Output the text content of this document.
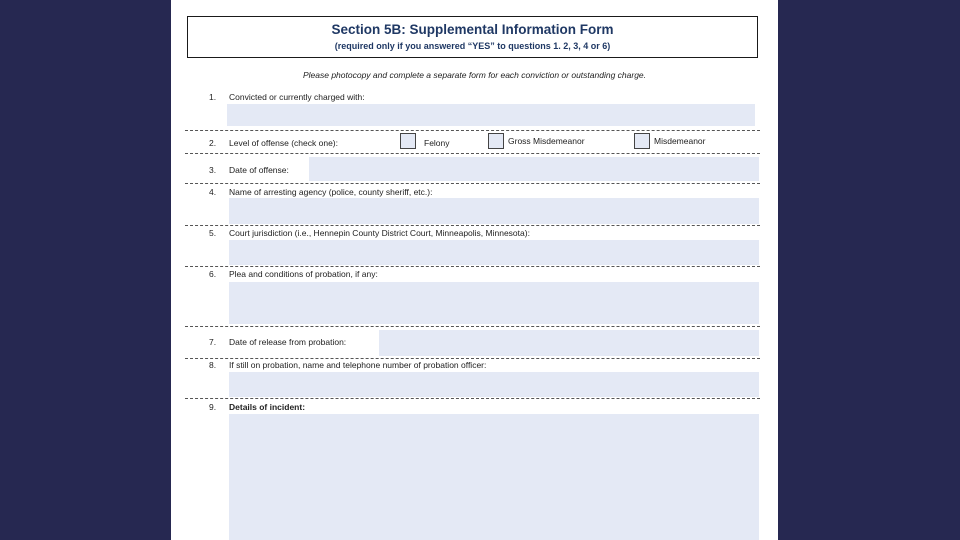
Section 5B: Supplemental Information Form
(required only if you answered “YES” to questions 1. 2, 3, 4 or 6)
Please photocopy and complete a separate form for each conviction or outstanding charge.
1. Convicted or currently charged with:
2. Level of offense (check one):	Felony	Gross Misdemeanor	Misdemeanor
3. Date of offense:
4. Name of arresting agency (police, county sheriff, etc.):
5. Court jurisdiction (i.e., Hennepin County District Court, Minneapolis, Minnesota):
6. Plea and conditions of probation, if any:
7. Date of release from probation:
8. If still on probation, name and telephone number of probation officer:
9. Details of incident:
